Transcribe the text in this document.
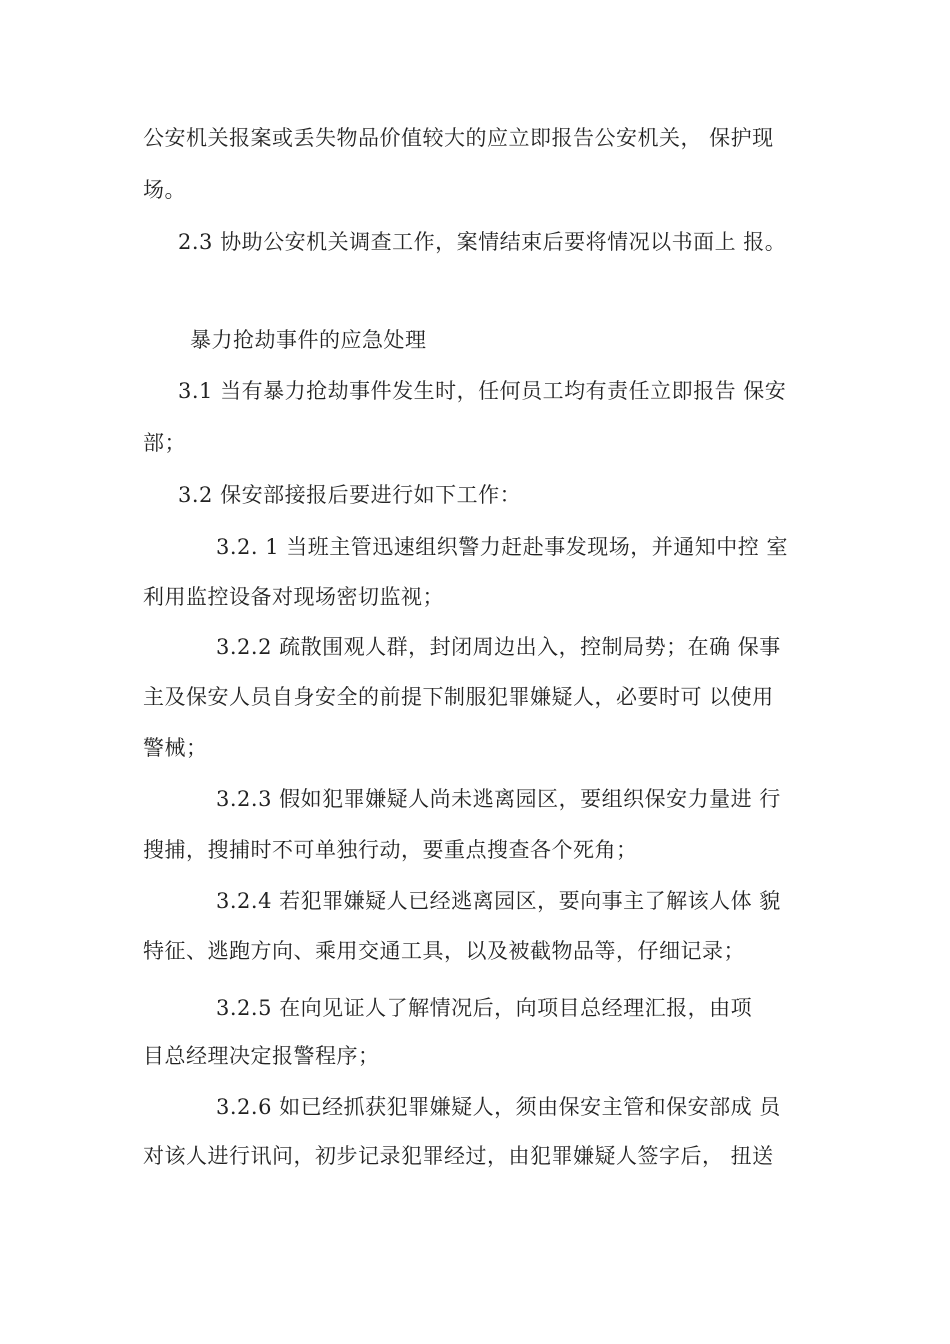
公安机关报案或丢失物品价值较大的应立即报告公安机关， 保护现
场。
2.3 协助公安机关调查工作，案情结束后要将情况以书面上 报。
暴力抢劫事件的应急处理
3.1 当有暴力抢劫事件发生时，任何员工均有责任立即报告 保安
部；
3.2 保安部接报后要进行如下工作：
3.2. 1 当班主管迅速组织警力赶赴事发现场，并通知中控 室
利用监控设备对现场密切监视；
3.2.2 疏散围观人群，封闭周边出入，控制局势；在确 保事
主及保安人员自身安全的前提下制服犯罪嫌疑人，必要时可 以使用
警械；
3.2.3 假如犯罪嫌疑人尚未逃离园区，要组织保安力量进 行
搜捕，搜捕时不可单独行动，要重点搜查各个死角；
3.2.4 若犯罪嫌疑人已经逃离园区，要向事主了解该人体 貌
特征、逃跑方向、乘用交通工具，以及被截物品等，仔细记录；
3.2.5 在向见证人了解情况后，向项目总经理汇报，由项
目总经理决定报警程序；
3.2.6 如已经抓获犯罪嫌疑人，须由保安主管和保安部成 员
对该人进行讯问，初步记录犯罪经过，由犯罪嫌疑人签字后， 扭送
